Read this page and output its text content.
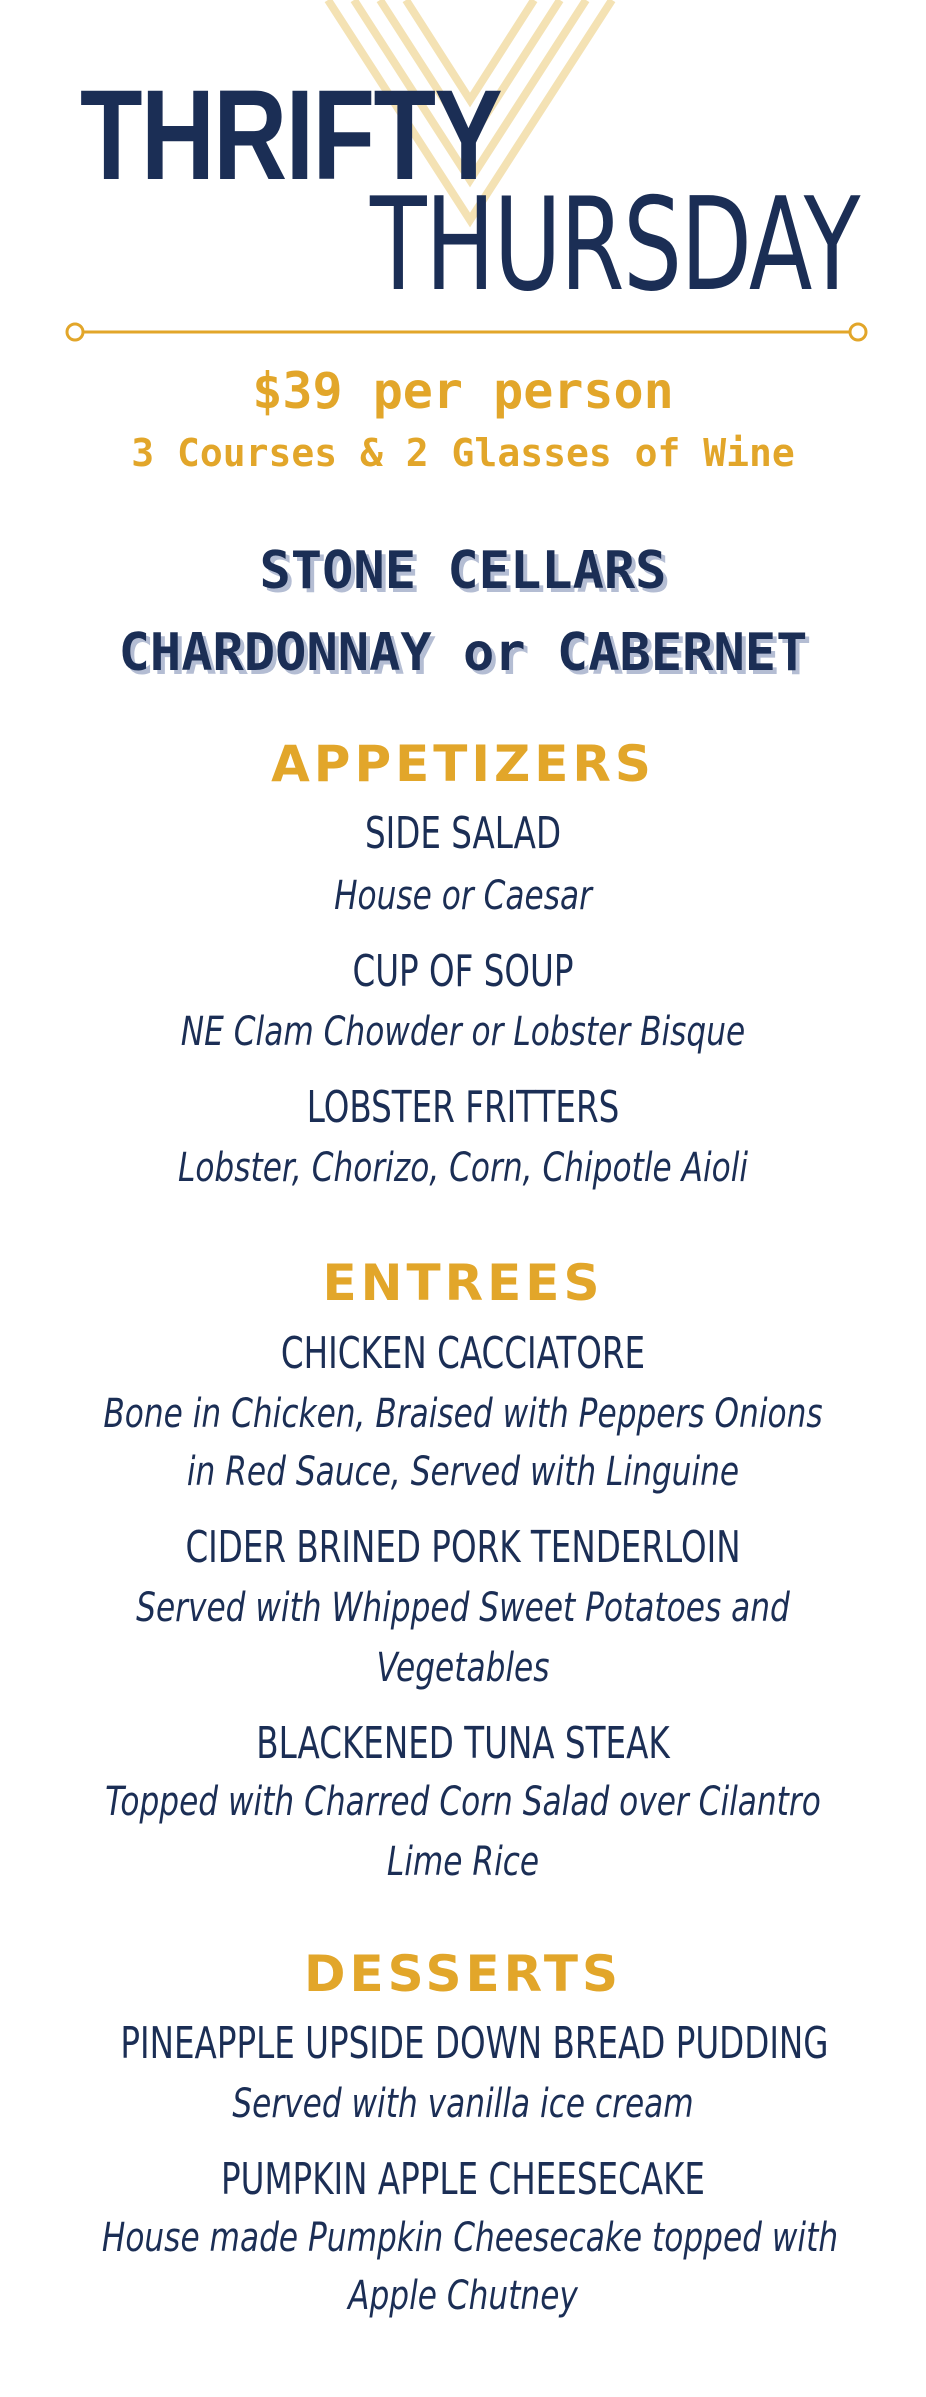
THRIFTY
THURSDAY
$39 per person
3 Courses & 2 Glasses of Wine
STONE CELLARS
CHARDONNAY or CABERNET
APPETIZERS
SIDE SALAD
House or Caesar
CUP OF SOUP
NE Clam Chowder or Lobster Bisque
LOBSTER FRITTERS
Lobster, Chorizo, Corn, Chipotle Aioli
ENTREES
CHICKEN CACCIATORE
Bone in Chicken, Braised with Peppers Onions
in Red Sauce, Served with Linguine
CIDER BRINED PORK TENDERLOIN
Served with Whipped Sweet Potatoes and
Vegetables
BLACKENED TUNA STEAK
Topped with Charred Corn Salad over Cilantro
Lime Rice
DESSERTS
PINEAPPLE UPSIDE DOWN BREAD PUDDING
Served with vanilla ice cream
PUMPKIN APPLE CHEESECAKE
House made Pumpkin Cheesecake topped with
Apple Chutney
